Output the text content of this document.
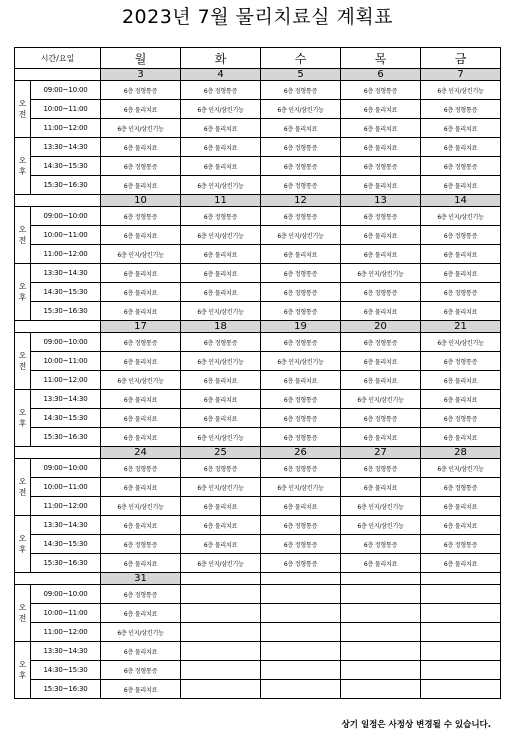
2023년 7월 물리치료실 계획표
시간/요일		월	화	수	목	금
		3	4	5	6	7

오
전	09:00~10:00	6층 정형통증	6층 정형통증	6층 정형통증	6층 정형통증	6층 인지/삼킨기능
	10:00~11:00	6층 물리치료	6층 인지/삼킨기능	6층 인지/삼킨기능	6층 물리치료	6층 정형통증
	11:00~12:00	6층 인지/삼킨기능	6층 물리치료	6층 물리치료	6층 물리치료	6층 물리치료

오
후	13:30~14:30	6층 물리치료	6층 물리치료	6층 정형통증	6층 물리치료	6층 물리치료
	14:30~15:30	6층 정형통증	6층 물리치료	6층 정형통증	6층 정형통증	6층 정형통증
	15:30~16:30	6층 물리치료	6층 인지/삼킨기능	6층 정형통증	6층 물리치료	6층 물리치료
		10	11	12	13	14

오
전	09:00~10:00	6층 정형통증	6층 정형통증	6층 정형통증	6층 정형통증	6층 인지/삼킨기능
	10:00~11:00	6층 물리치료	6층 인지/삼킨기능	6층 인지/삼킨기능	6층 물리치료	6층 정형통증
	11:00~12:00	6층 인지/삼킨기능	6층 물리치료	6층 물리치료	6층 물리치료	6층 물리치료

오
후	13:30~14:30	6층 물리치료	6층 물리치료	6층 정형통증	6층 인지/삼킨기능	6층 물리치료
	14:30~15:30	6층 물리치료	6층 물리치료	6층 정형통증	6층 정형통증	6층 정형통증
	15:30~16:30	6층 물리치료	6층 인지/삼킨기능	6층 정형통증	6층 물리치료	6층 물리치료
		17	18	19	20	21

오
전	09:00~10:00	6층 정형통증	6층 정형통증	6층 정형통증	6층 정형통증	6층 인지/삼킨기능
	10:00~11:00	6층 물리치료	6층 인지/삼킨기능	6층 인지/삼킨기능	6층 물리치료	6층 정형통증
	11:00~12:00	6층 인지/삼킨기능	6층 물리치료	6층 물리치료	6층 물리치료	6층 물리치료

오
후	13:30~14:30	6층 물리치료	6층 물리치료	6층 정형통증	6층 인지/삼킨기능	6층 물리치료
	14:30~15:30	6층 물리치료	6층 물리치료	6층 정형통증	6층 정형통증	6층 정형통증
	15:30~16:30	6층 물리치료	6층 인지/삼킨기능	6층 정형통증	6층 물리치료	6층 물리치료
		24	25	26	27	28

오
전	09:00~10:00	6층 정형통증	6층 정형통증	6층 정형통증	6층 정형통증	6층 인지/삼킨기능
	10:00~11:00	6층 물리치료	6층 인지/삼킨기능	6층 인지/삼킨기능	6층 물리치료	6층 정형통증
	11:00~12:00	6층 인지/삼킨기능	6층 물리치료	6층 물리치료	6층 인지/삼킨기능	6층 물리치료

오
후	13:30~14:30	6층 물리치료	6층 물리치료	6층 정형통증	6층 인지/삼킨기능	6층 물리치료
	14:30~15:30	6층 정형통증	6층 물리치료	6층 정형통증	6층 정형통증	6층 정형통증
	15:30~16:30	6층 물리치료	6층 인지/삼킨기능	6층 정형통증	6층 물리치료	6층 물리치료
		31				

오
전	09:00~10:00	6층 정형통증				
	10:00~11:00	6층 물리치료				
	11:00~12:00	6층 인지/삼킨기능				

오
후	13:30~14:30	6층 물리치료				
	14:30~15:30	6층 정형통증				
	15:30~16:30	6층 물리치료				
상기 일정은 사정상 변경될 수 있습니다.
